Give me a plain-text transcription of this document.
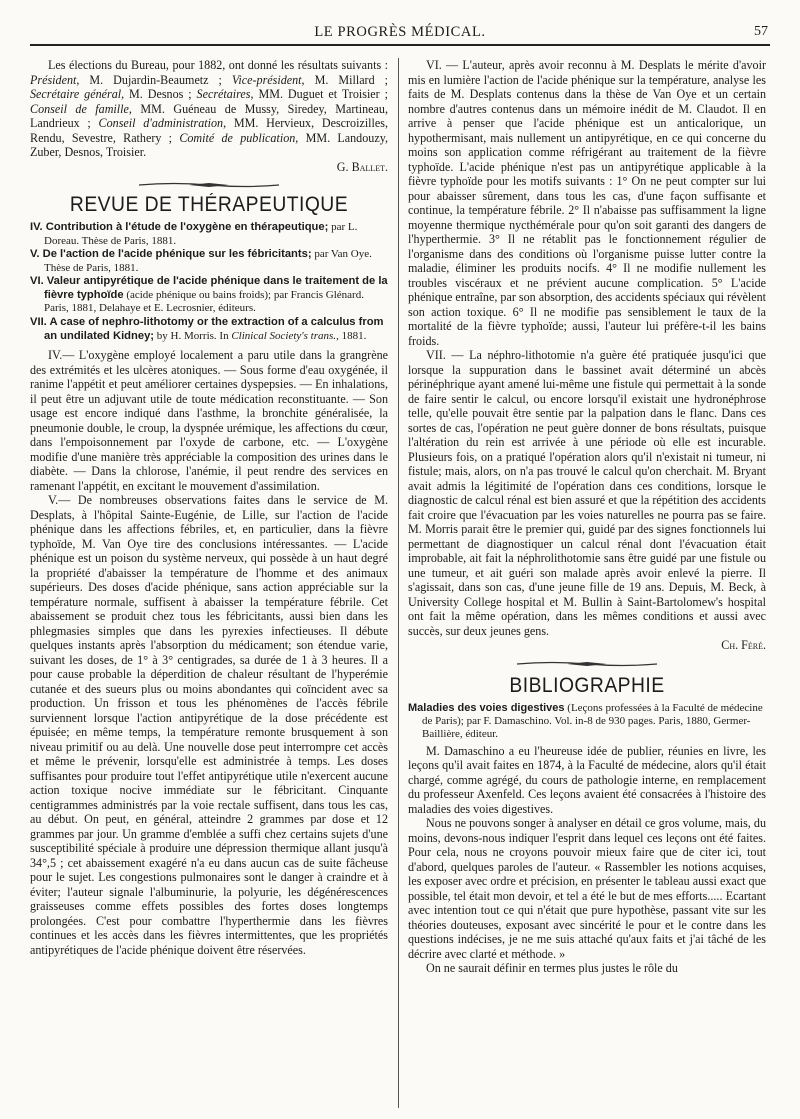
LE PROGRÈS MÉDICAL.	57

Les élections du Bureau, pour 1882, ont donné les résultats suivants : Président, M. Dujardin-Beaumetz ; Vice-président, M. Millard ; Secrétaire général, M. Desnos ; Secrétaires, MM. Duguet et Troisier ; Conseil de famille, MM. Guéneau de Mussy, Siredey, Martineau, Landrieux ; Conseil d'administration, MM. Hervieux, Descroizilles, Rendu, Sevestre, Rathery ; Comité de publication, MM. Landouzy, Zuber, Desnos, Troisier.

G. Ballet.

REVUE DE THÉRAPEUTIQUE
IV. Contribution à l'étude de l'oxygène en thérapeutique; par L. Doreau. Thèse de Paris, 1881.
V. De l'action de l'acide phénique sur les fébricitants; par Van Oye. Thèse de Paris, 1881.
VI. Valeur antipyrétique de l'acide phénique dans le traitement de la fièvre typhoïde (acide phénique ou bains froids); par Francis Glénard. Paris, 1881, Delahaye et E. Lecrosnier, éditeurs.
VII. A case of nephro-lithotomy or the extraction of a calculus from an undilated Kidney; by H. Morris. In Clinical Society's trans., 1881.

IV.— L'oxygène employé localement a paru utile dans la grangrène des extrémités et les ulcères atoniques. — Sous forme d'eau oxygénée, il ranime l'appétit et peut améliorer certaines dyspepsies. — En inhalations, il peut être un adjuvant utile de toute médication reconstituante. — Son usage est encore indiqué dans l'asthme, la bronchite généralisée, la pneumonie double, le croup, la dyspnée urémique, les affections du cœur, dans l'empoisonnement par l'oxyde de carbone, etc. — L'oxygène modifie d'une manière très appréciable la composition des urines dans le diabète. — Dans la chlorose, l'anémie, il peut rendre des services en ramenant l'appétit, en excitant le mouvement d'assimilation.

V.— De nombreuses observations faites dans le service de M. Desplats, à l'hôpital Sainte-Eugénie, de Lille, sur l'action de l'acide phénique dans les affections fébriles, et, en particulier, dans la fièvre typhoïde, M. Van Oye tire des conclusions intéressantes. — L'acide phénique est un poison du système nerveux, qui possède à un haut degré la propriété d'abaisser la température de l'homme et des animaux supérieurs. Des doses d'acide phénique, sans action appréciable sur la température normale, suffisent à abaisser la température fébrile. Cet abaissement se produit chez tous les fébricitants, aussi bien dans les phlegmasies simples que dans les pyrexies infectieuses. Il débute quelques instants après l'absorption du médicament; son étendue varie, suivant les doses, de 1° à 3° centigrades, sa durée de 1 à 3 heures. Il a pour cause probable la déperdition de chaleur résultant de l'hyperémie cutanée et des sueurs plus ou moins abondantes qui coïncident avec sa production. Un frisson et tous les phénomènes de l'accès fébrile surviennent lorsque l'action antipyrétique de la dose précédente est épuisée; en même temps, la température remonte brusquement à son niveau primitif ou au delà. Une nouvelle dose peut interrompre cet accès et même le prévenir, lorsqu'elle est administrée à temps. Les doses suffisantes pour produire tout l'effet antipyrétique utile n'exercent aucune action toxique nocive immédiate sur le fébricitant. Cinquante centigrammes administrés par la voie rectale suffisent, dans tous les cas, au début. On peut, en général, atteindre 2 grammes par dose et 12 grammes par jour. Un gramme d'emblée a suffi chez certains sujets d'une susceptibilité spéciale à produire une dépression thermique allant jusqu'à 34°,5 ; cet abaissement exagéré n'a eu dans aucun cas de suite fâcheuse pour le sujet. Les congestions pulmonaires sont le danger à craindre et à éviter; l'auteur signale l'albuminurie, la polyurie, les dégénérescences graisseuses comme effets possibles des fortes doses longtemps prolongées. C'est pour combattre l'hyperthermie dans les fièvres continues et les accès dans les fièvres intermittentes, que les propriétés antipyrétiques de l'acide phénique doivent être réservées.

VI. — L'auteur, après avoir reconnu à M. Desplats le mérite d'avoir mis en lumière l'action de l'acide phénique sur la température, analyse les faits de M. Desplats contenus dans la thèse de Van Oye et un certain nombre d'autres contenus dans un mémoire inédit de M. Claudot. Il en arrive à penser que l'acide phénique est un anticalorique, un hypothermisant, mais nullement un antipyrétique, en ce qui concerne du moins son application comme réfrigérant au traitement de la fièvre typhoïde. L'acide phénique n'est pas un antipyrétique applicable à la fièvre typhoïde pour les motifs suivants : 1° On ne peut compter sur lui pour abaisser sûrement, dans tous les cas, d'une façon suffisante et continue, la température fébrile. 2° Il n'abaisse pas suffisamment la ligne moyenne thermique nycthémérale pour qu'on soit garanti des dangers de l'hyperthermie. 3° Il ne rétablit pas le fonctionnement régulier de l'organisme dans des conditions où l'organisme puisse lutter contre la maladie, éliminer les produits nocifs. 4° Il ne modifie nullement les troubles viscéraux et ne prévient aucune complication. 5° L'acide phénique entraîne, par son absorption, des accidents spéciaux qui révèlent son action toxique. 6° Il ne modifie pas sensiblement le taux de la mortalité de la fièvre typhoïde; aussi, l'auteur lui préfère-t-il les bains froids.

VII. — La néphro-lithotomie n'a guère été pratiquée jusqu'ici que lorsque la suppuration dans le bassinet avait déterminé un abcès périnéphrique ayant amené lui-même une fistule qui permettait à la sonde de faire sentir le calcul, ou encore lorsqu'il existait une hydronéphrose telle, qu'elle pouvait être sentie par la palpation dans le flanc. Dans ces sortes de cas, l'opération ne peut guère donner de bons résultats, puisque l'altération du rein est arrivée à une période où elle est incurable. Plusieurs fois, on a pratiqué l'opération alors qu'il n'existait ni tumeur, ni fistule; mais, alors, on n'a pas trouvé le calcul qu'on cherchait. M. Bryant avait admis la légitimité de l'opération dans ces conditions, lorsque le diagnostic de calcul rénal est bien assuré et que la répétition des accidents fait croire que l'évacuation par les voies naturelles ne pourra pas se faire. M. Morris parait être le premier qui, guidé par des signes fonctionnels lui permettant de diagnostiquer un calcul rénal dont l'évacuation était improbable, ait fait la néphrolithotomie sans être guidé par une fistule ou une tumeur, et ait guéri son malade après avoir enlevé la pierre. Il s'agissait, dans son cas, d'une jeune fille de 19 ans. Depuis, M. Beck, à University College hospital et M. Bullin à Saint-Bartolomew's hospital ont fait la même opération, dans les mêmes conditions et aussi avec succès, sur deux jeunes gens.

Ch. Féré.

BIBLIOGRAPHIE
Maladies des voies digestives (Leçons professées à la Faculté de médecine de Paris); par F. Damaschino. Vol. in-8 de 930 pages. Paris, 1880, Germer-Baillière, éditeur.

M. Damaschino a eu l'heureuse idée de publier, réunies en livre, les leçons qu'il avait faites en 1874, à la Faculté de médecine, alors qu'il était chargé, comme agrégé, du cours de pathologie interne, en remplacement du professeur Axenfeld. Ces leçons avaient été consacrées à l'histoire des maladies des voies digestives.

Nous ne pouvons songer à analyser en détail ce gros volume, mais, du moins, devons-nous indiquer l'esprit dans lequel ces leçons ont été faites. Pour cela, nous ne croyons pouvoir mieux faire que de citer ici, tout d'abord, quelques paroles de l'auteur. « Rassembler les notions acquises, les exposer avec ordre et précision, en présenter le tableau aussi exact que possible, tel était mon devoir, et tel a été le but de mes efforts..... Ecartant avec intention tout ce qui n'était que pure hypothèse, passant vite sur les théories douteuses, exposant avec sincérité le pour et le contre dans les questions indécises, je ne me suis attaché qu'aux faits et j'ai tâché de les décrire avec clarté et méthode. »

On ne saurait définir en termes plus justes le rôle du
